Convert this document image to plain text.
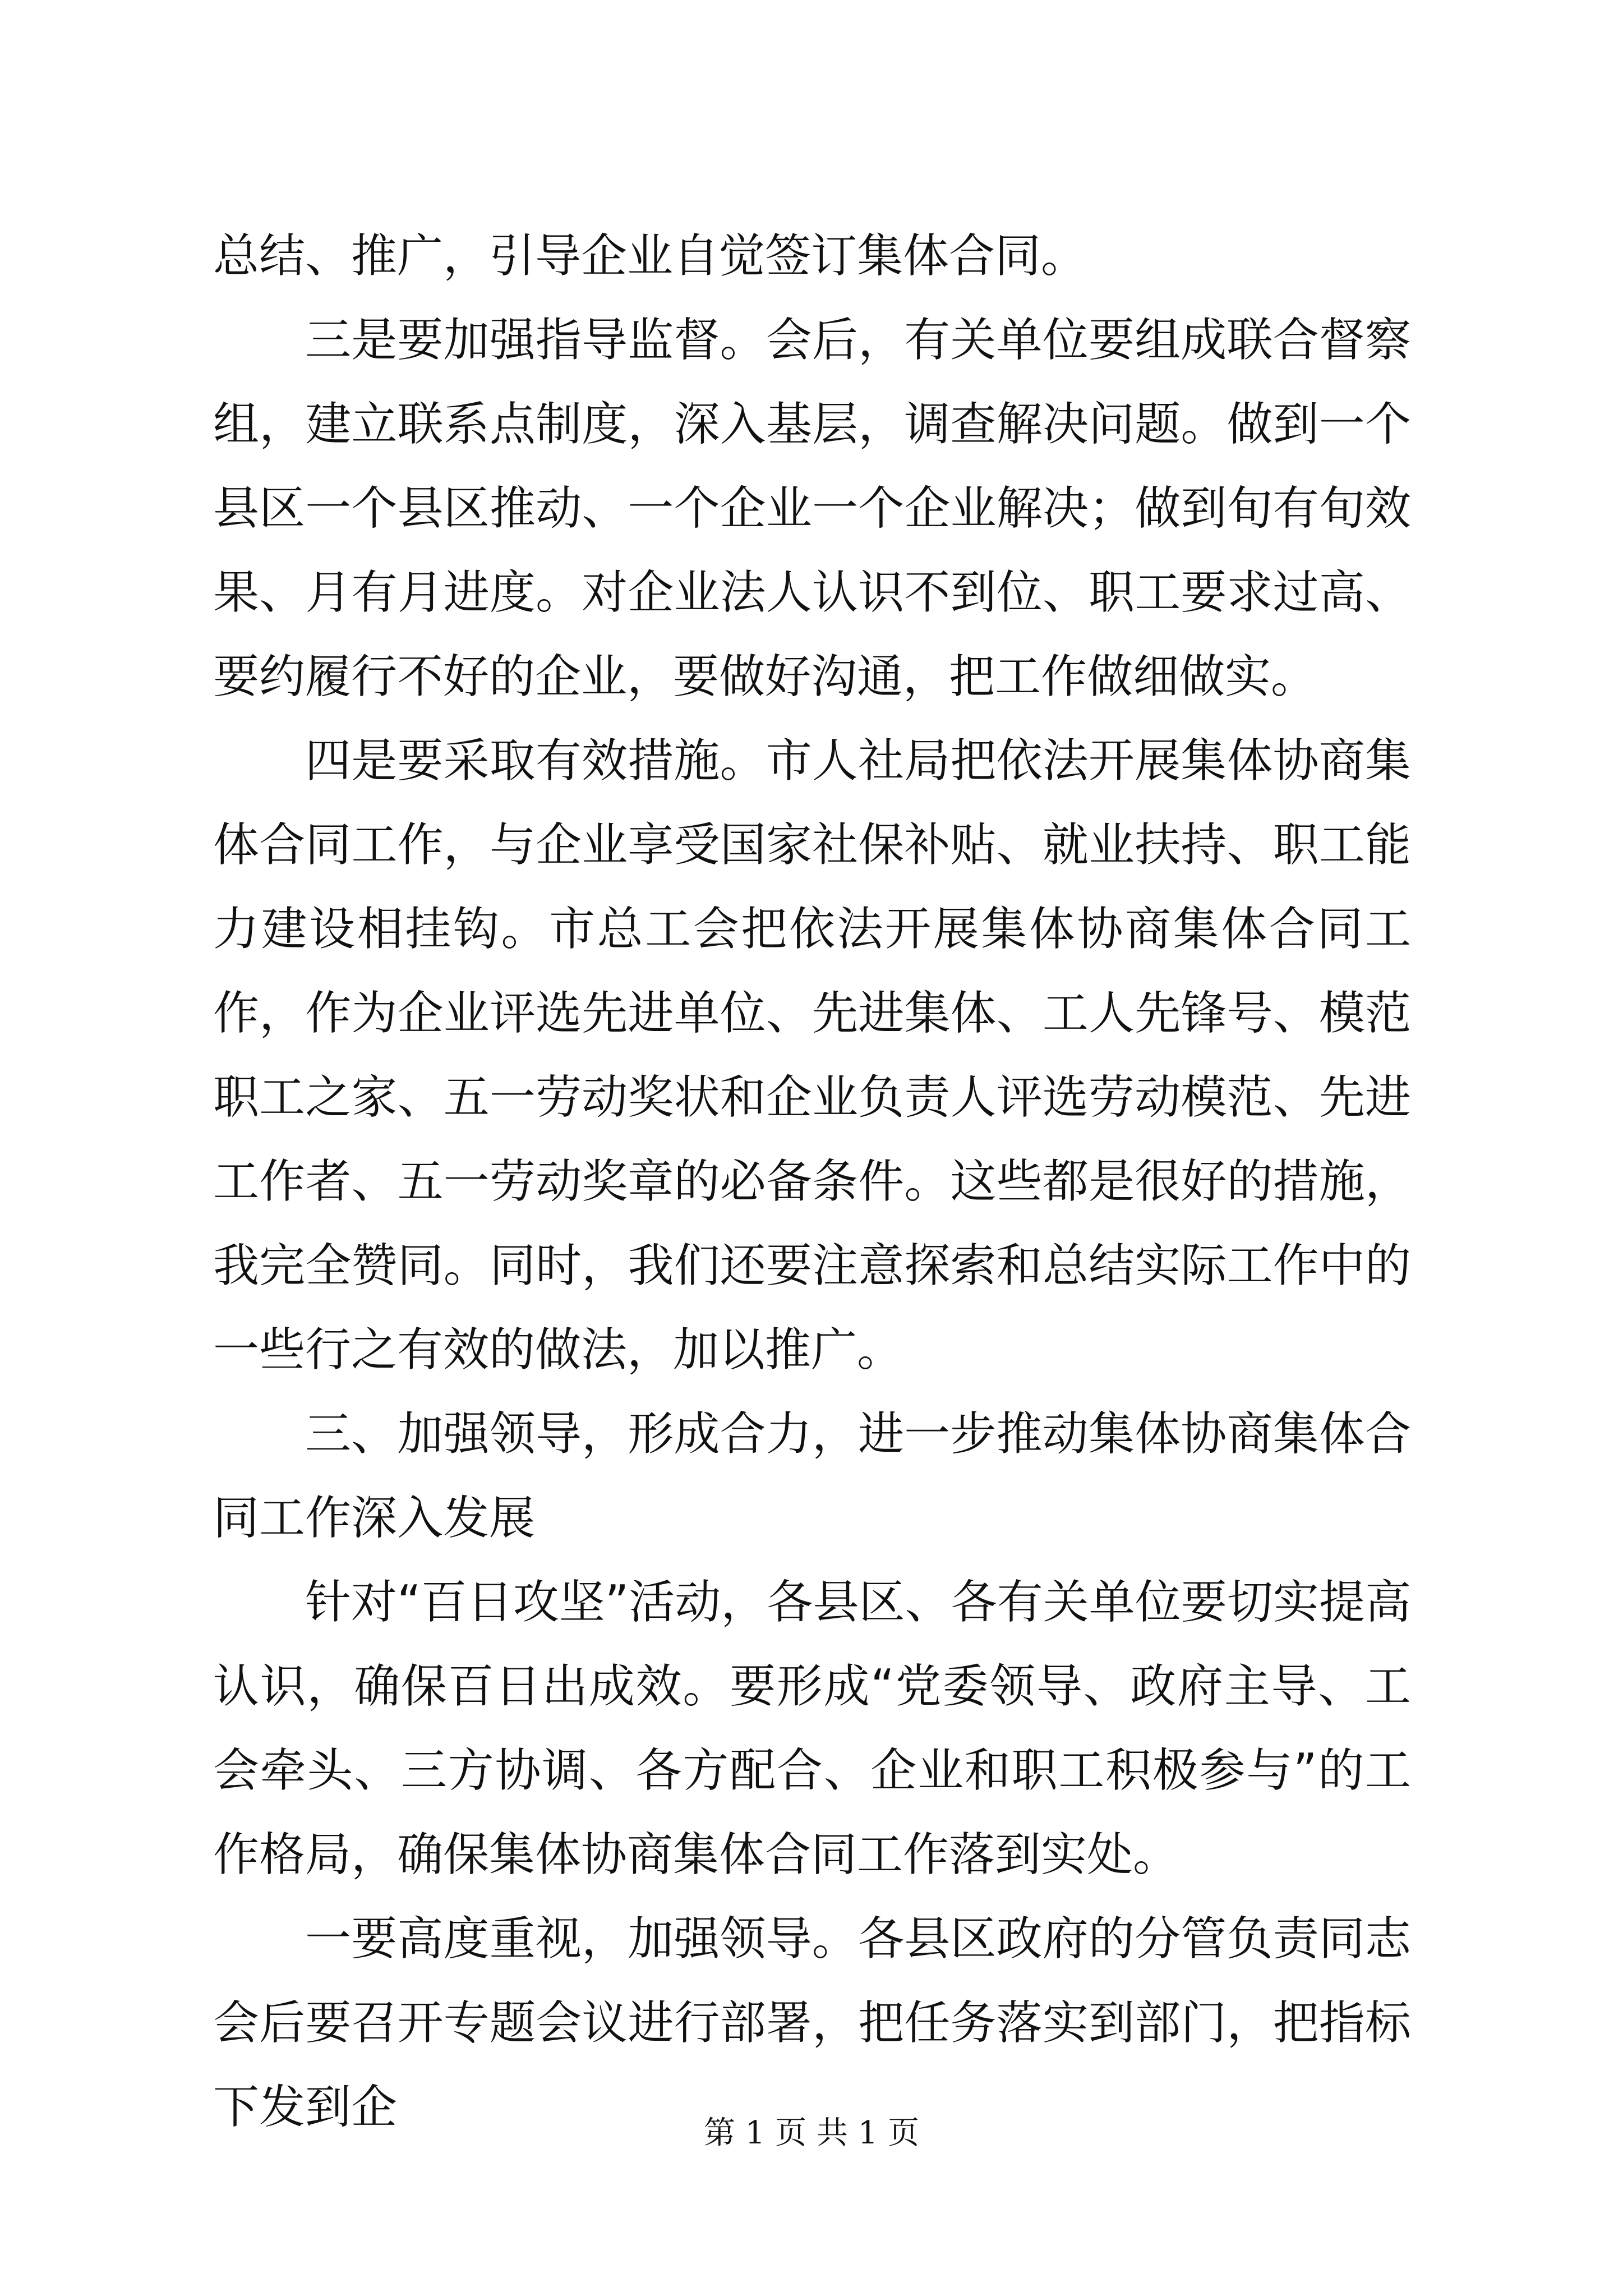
总结、推广，引导企业自觉签订集体合同。

三是要加强指导监督。会后，有关单位要组成联合督察组，建立联系点制度，深入基层，调查解决问题。做到一个县区一个县区推动、一个企业一个企业解决；做到旬有旬效果、月有月进度。对企业法人认识不到位、职工要求过高、要约履行不好的企业，要做好沟通，把工作做细做实。

四是要采取有效措施。市人社局把依法开展集体协商集体合同工作，与企业享受国家社保补贴、就业扶持、职工能力建设相挂钩。市总工会把依法开展集体协商集体合同工作，作为企业评选先进单位、先进集体、工人先锋号、模范职工之家、五一劳动奖状和企业负责人评选劳动模范、先进工作者、五一劳动奖章的必备条件。这些都是很好的措施，我完全赞同。同时，我们还要注意探索和总结实际工作中的一些行之有效的做法，加以推广。

三、加强领导，形成合力，进一步推动集体协商集体合同工作深入发展

针对“百日攻坚”活动，各县区、各有关单位要切实提高认识，确保百日出成效。要形成“党委领导、政府主导、工会牵头、三方协调、各方配合、企业和职工积极参与”的工作格局，确保集体协商集体合同工作落到实处。

一要高度重视，加强领导。各县区政府的分管负责同志会后要召开专题会议进行部署，把任务落实到部门，把指标下发到企	第 1 页 共 1 页
